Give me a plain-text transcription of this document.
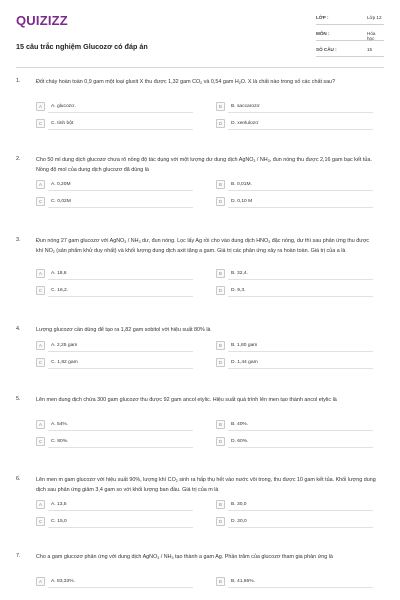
QUIZIZZ
15 câu trắc nghiệm Glucozơ có đáp án
LỚP :	Lớp 12
MÔN :	Hóa học
SỐ CÂU :	15
1.	Đốt cháy hoàn toàn 0,9 gam một loại gluxit X thu được 1,32 gam $CO_2$ và 0,54 gam $H_2O$. X là chất nào trong số các chất sau?
A	A. glucozơ.	B	B. saccarozơ
C	C. tinh bột	D	D. xenlulozơ
2.	Cho 50 ml dung dịch glucozơ chưa rõ nồng độ tác dụng với một lượng dư dung dịch AgNO$_3$ / $NH_3$, đun nóng thu được 2,16 gam bạc kết tủa. Nồng độ mol của dung dịch glucozơ đã dùng là
A	A. 0,20M	B	B. 0,01M.
C	C. 0,02M	D	D. 0,10 M
3.	Đun nóng 27 gam glucozơ với AgNO$_3$ / $NH_3$ dư, đun nóng. Lọc lấy Ag rồi cho vào dung dịch $HNO_3$ đặc nóng, dư thì sau phản ứng thu được khí $NO_2$ (sản phẩm khử duy nhất) và khối lượng dung dịch axit tăng a gam. Giá trị các phản ứng xảy ra hoàn toàn. Giá trị của a là
A	A. 18,6	B	B. 32,4.
C	C. 16,2.	D	D. 9,3.
4.	Lượng glucozơ cần dùng để tạo ra 1,82 gam sobitol với hiệu suất 80% là
A	A. 2,25 gam	B	B. 1,80 gam
C	C. 1,82 gam	D	D. 1,44 gam
5.	Lên men dung dịch chứa 300 gam glucozơ thu được 92 gam ancol etylic. Hiệu suất quá trình lên men tạo thành ancol etylic là
A	A. 54%.	B	B. 40%.
C	C. 80%.	D	D. 60%.
6.	Lên men m gam glucozơ với hiệu suất 90%, lượng khí $CO_2$ sinh ra hấp thụ hết vào nước vôi trong, thu được 10 gam kết tủa. Khối lượng dung dịch sau phản ứng giảm 3,4 gam so với khối lượng ban đầu. Giá trị của m là
A	A. 13,5	B	B. 30,0
C	C. 15,0	D	D. 20,0
7.	Cho a gam glucozơ phản ứng với dung dịch AgNO$_3$ / $NH_3$ tạo thành a gam Ag. Phần trăm của glucozơ tham gia phản ứng là
A	A. 83,33%.	B	B. 41,66%.
